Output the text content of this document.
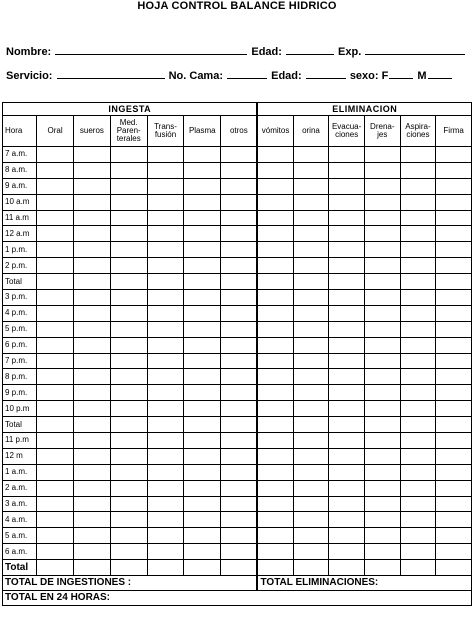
HOJA CONTROL BALANCE HIDRICO
Nombre:	Edad:	Exp.
Servicio:	No. Cama:	Edad:	sexo: F	M
INGESTA							ELIMINACION					
Hora	Oral	sueros	Med. Paren- terales	Trans- fusión	Plasma	otros	vómitos	orina	Evacua- ciones	Drena- jes	Aspira- ciones	Firma
7 a.m.												
8 a.m.												
9 a.m.												
10 a.m												
11 a.m												
12 a.m												
1 p.m.												
2 p.m.												
Total												
3 p.m.												
4 p.m.												
5 p.m.												
6 p.m.												
7 p.m.												
8 p.m.												
9 p.m.												
10 p.m												
Total												
11 p.m												
12 m												
1 a.m.												
2 a.m.												
3 a.m.												
4 a.m.												
5 a.m.												
6 a.m.												
Total												
TOTAL DE INGESTIONES :							TOTAL ELIMINACIONES:					
TOTAL EN 24 HORAS:												
